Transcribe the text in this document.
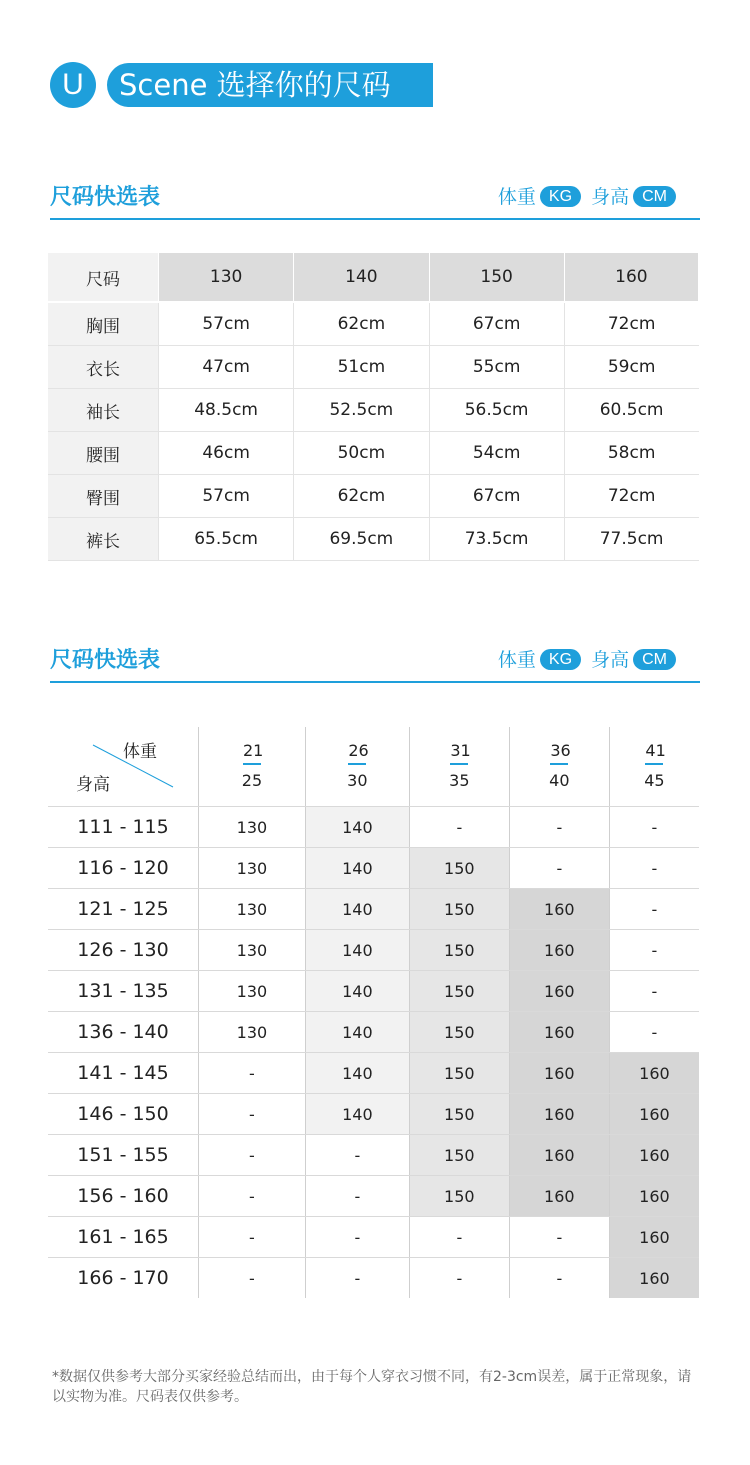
U	Scene 选择你的尺码
尺码快选表	体重 KG 身高 CM
尺码	130	140	150	160
胸围	57cm	62cm	67cm	72cm
衣长	47cm	51cm	55cm	59cm
袖长	48.5cm	52.5cm	56.5cm	60.5cm
腰围	46cm	50cm	54cm	58cm
臀围	57cm	62cm	67cm	72cm
裤长	65.5cm	69.5cm	73.5cm	77.5cm
尺码快选表	体重 KG 身高 CM
体重
身高	$\frac{21}{25}$	$\frac{26}{30}$	$\frac{31}{35}$	$\frac{36}{40}$	$\frac{41}{45}$

111 - 115	130	140	-	-	-
116 - 120	130	140	150	-	-
121 - 125	130	140	150	160	-
126 - 130	130	140	150	160	-
131 - 135	130	140	150	160	-
136 - 140	130	140	150	160	-
141 - 145	-	140	150	160	160
146 - 150	-	140	150	160	160
151 - 155	-	-	150	160	160
156 - 160	-	-	150	160	160
161 - 165	-	-	-	-	160
166 - 170	-	-	-	-	160
*数据仅供参考大部分买家经验总结而出，由于每个人穿衣习惯不同，有2-3cm误差，属于正常现象，请以实物为准。尺码表仅供参考。
